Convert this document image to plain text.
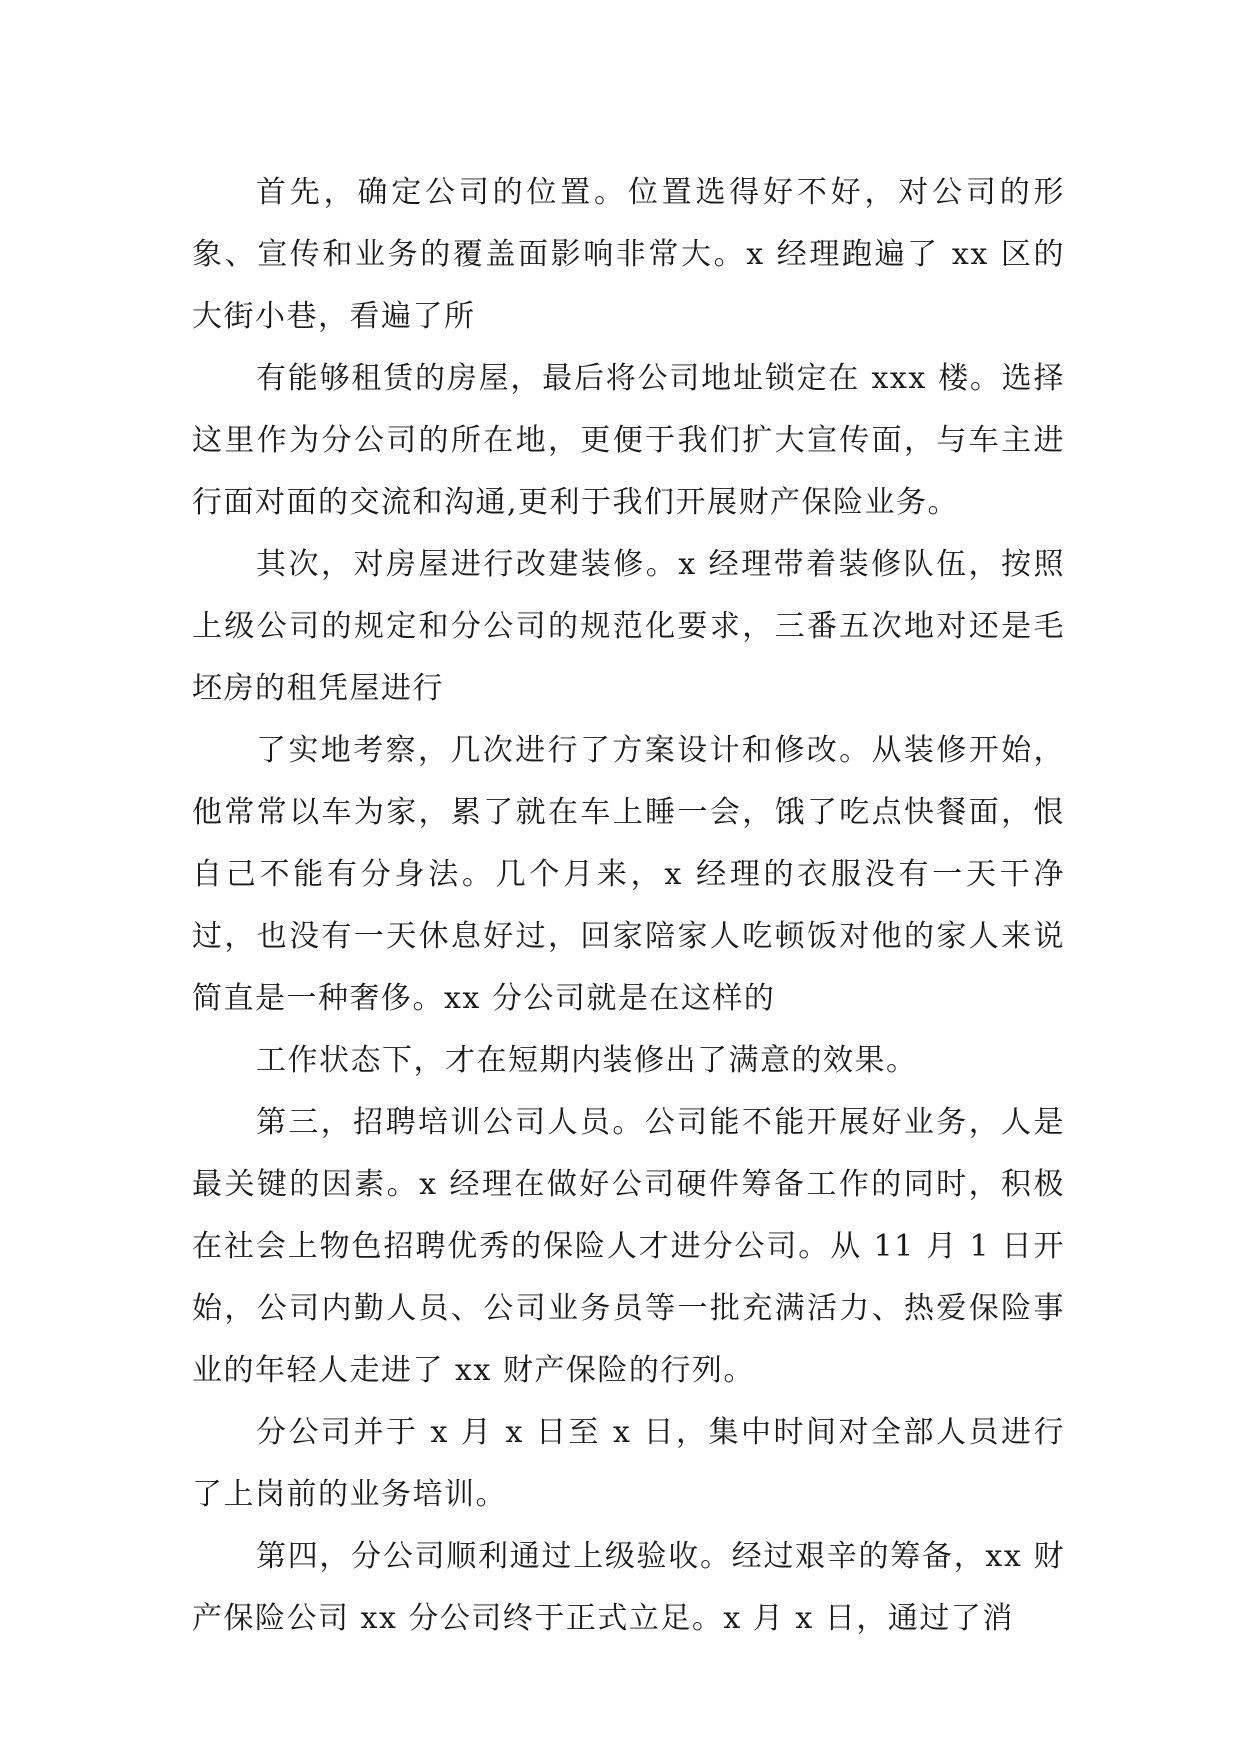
首先，确定公司的位置。位置选得好不好，对公司的形象、宣传和业务的覆盖面影响非常大。x 经理跑遍了 xx 区的大街小巷，看遍了所

有能够租赁的房屋，最后将公司地址锁定在 xxx 楼。选择这里作为分公司的所在地，更便于我们扩大宣传面，与车主进行面对面的交流和沟通,更利于我们开展财产保险业务。

其次，对房屋进行改建装修。x 经理带着装修队伍，按照上级公司的规定和分公司的规范化要求，三番五次地对还是毛坯房的租凭屋进行

了实地考察，几次进行了方案设计和修改。从装修开始，他常常以车为家，累了就在车上睡一会，饿了吃点快餐面，恨自己不能有分身法。几个月来，x 经理的衣服没有一天干净过，也没有一天休息好过，回家陪家人吃顿饭对他的家人来说简直是一种奢侈。xx 分公司就是在这样的

工作状态下，才在短期内装修出了满意的效果。

第三，招聘培训公司人员。公司能不能开展好业务，人是最关键的因素。x 经理在做好公司硬件筹备工作的同时，积极在社会上物色招聘优秀的保险人才进分公司。从 11 月 1 日开始，公司内勤人员、公司业务员等一批充满活力、热爱保险事业的年轻人走进了 xx 财产保险的行列。

分公司并于 x 月 x 日至 x 日，集中时间对全部人员进行了上岗前的业务培训。

第四，分公司顺利通过上级验收。经过艰辛的筹备，xx 财产保险公司 xx 分公司终于正式立足。x 月 x 日，通过了消
